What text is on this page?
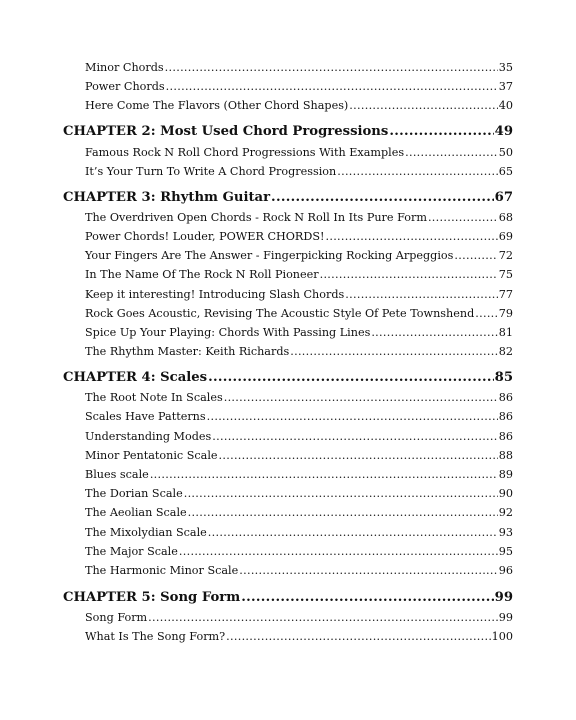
Minor Chords .....	35
Power Chords .....	37
Here Come The Flavors (Other Chord Shapes) .....	40
CHAPTER 2: Most Used Chord Progressions .....	49
Famous Rock N Roll Chord Progressions With Examples .....	50
It’s Your Turn To Write A Chord Progression .....	65
CHAPTER 3: Rhythm Guitar .....	67
The Overdriven Open Chords - Rock N Roll In Its Pure Form .....	68
Power Chords! Louder, POWER CHORDS! .....	69
Your Fingers Are The Answer - Fingerpicking Rocking Arpeggios .....	72
In The Name Of The Rock N Roll Pioneer .....	75
Keep it interesting! Introducing Slash Chords .....	77
Rock Goes Acoustic, Revising The Acoustic Style Of Pete Townshend ..... 79
Spice Up Your Playing: Chords With Passing Lines .....	81
The Rhythm Master: Keith Richards .....	82
CHAPTER 4: Scales .....	85
The Root Note In Scales .....	86
Scales Have Patterns .....	86
Understanding Modes .....	86
Minor Pentatonic Scale .....	88
Blues scale .....	89
The Dorian Scale .....	90
The Aeolian Scale .....	92
The Mixolydian Scale .....	93
The Major Scale .....	95
The Harmonic Minor Scale .....	96
CHAPTER 5: Song Form .....	99
Song Form .....	99
What Is The Song Form? .....	100
